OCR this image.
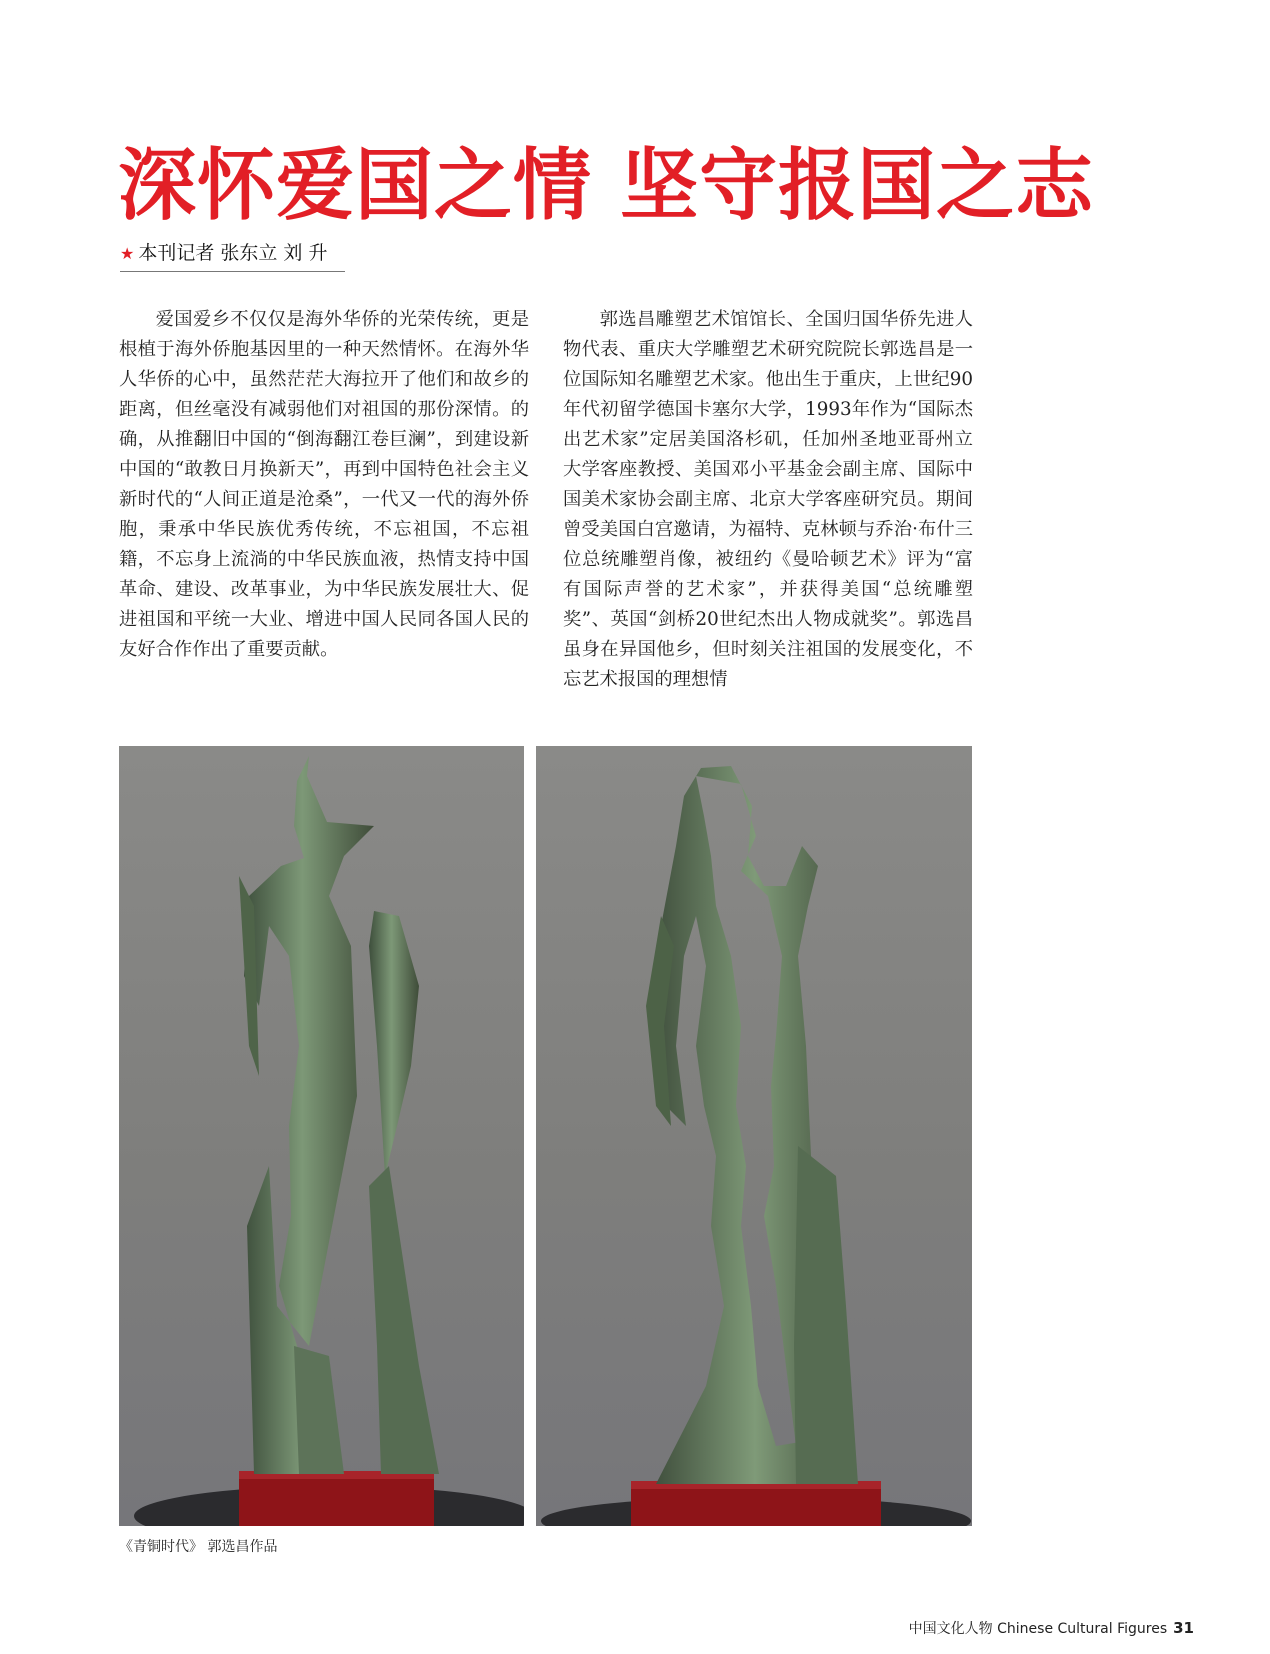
深怀爱国之情 坚守报国之志
★ 本刊记者 张东立 刘 升

爱国爱乡不仅仅是海外华侨的光荣传统，更是根植于海外侨胞基因里的一种天然情怀。在海外华人华侨的心中，虽然茫茫大海拉开了他们和故乡的距离，但丝毫没有减弱他们对祖国的那份深情。的确，从推翻旧中国的“倒海翻江卷巨澜”，到建设新中国的“敢教日月换新天”，再到中国特色社会主义新时代的“人间正道是沧桑”，一代又一代的海外侨胞，秉承中华民族优秀传统，不忘祖国，不忘祖籍，不忘身上流淌的中华民族血液，热情支持中国革命、建设、改革事业，为中华民族发展壮大、促进祖国和平统一大业、增进中国人民同各国人民的友好合作作出了重要贡献。

郭选昌雕塑艺术馆馆长、全国归国华侨先进人物代表、重庆大学雕塑艺术研究院院长郭选昌是一位国际知名雕塑艺术家。他出生于重庆，上世纪90年代初留学德国卡塞尔大学，1993年作为“国际杰出艺术家”定居美国洛杉矶，任加州圣地亚哥州立大学客座教授、美国邓小平基金会副主席、国际中国美术家协会副主席、北京大学客座研究员。期间曾受美国白宫邀请，为福特、克林顿与乔治·布什三位总统雕塑肖像，被纽约《曼哈顿艺术》评为“富有国际声誉的艺术家”，并获得美国“总统雕塑奖”、英国“剑桥20世纪杰出人物成就奖”。郭选昌虽身在异国他乡，但时刻关注祖国的发展变化，不忘艺术报国的理想情

《青铜时代》 郭选昌作品
中国文化人物 Chinese Cultural Figures 31
